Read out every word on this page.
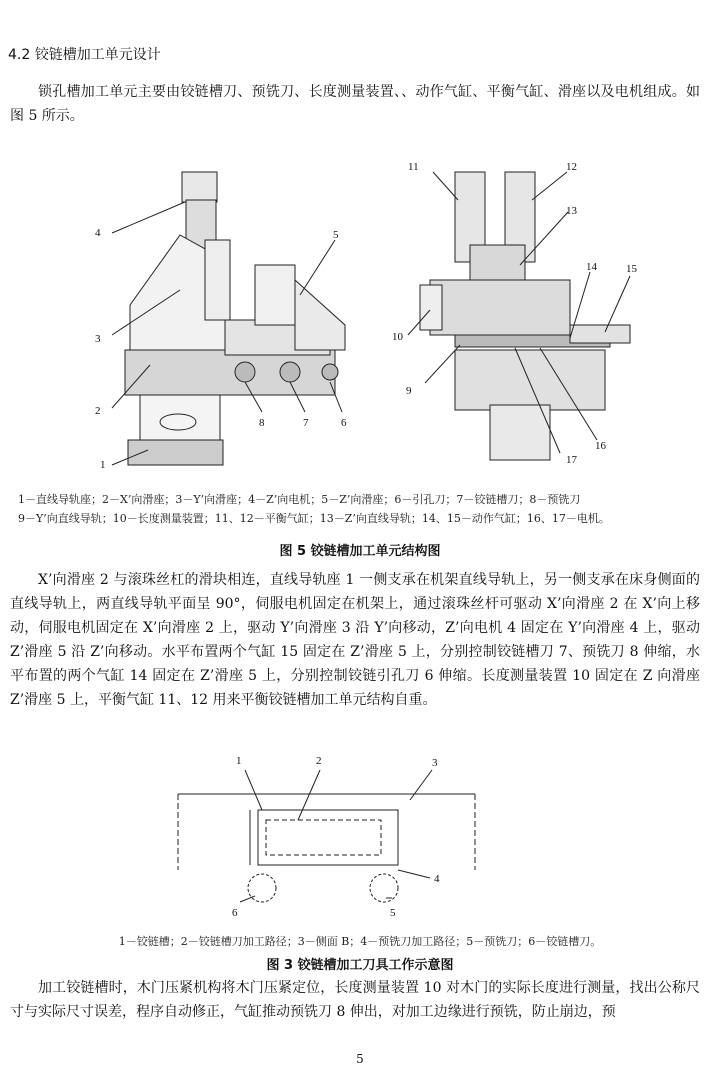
4.2 铰链槽加工单元设计
锁孔槽加工单元主要由铰链槽刀、预铣刀、长度测量装置、、动作气缸、平衡气缸、滑座以及电机组成。如图 5 所示。
4
3
2
1
5
6
7
8
9
10
11	12
13
14	15
16
17
1－直线导轨座；2－X’向滑座；3－Y’向滑座；4－Z’向电机；5－Z’向滑座；6－引孔刀；7－铰链槽刀；8－预铣刀
9－Y’向直线导轨；10－长度测量装置；11、12－平衡气缸；13－Z’向直线导轨；14、15－动作气缸；16、17－电机。
图 5 铰链槽加工单元结构图
X’向滑座 2 与滚珠丝杠的滑块相连，直线导轨座 1 一侧支承在机架直线导轨上，另一侧支承在床身侧面的直线导轨上，两直线导轨平面呈 90°，伺服电机固定在机架上，通过滚珠丝杆可驱动 X’向滑座 2 在 X’向上移动，伺服电机固定在 X’向滑座 2 上，驱动 Y’向滑座 3 沿 Y’向移动，Z’向电机 4 固定在 Y’向滑座 4 上，驱动 Z’滑座 5 沿 Z’向移动。水平布置两个气缸 15 固定在 Z’滑座 5 上，分别控制铰链槽刀 7、预铣刀 8 伸缩，水平布置的两个气缸 14 固定在 Z’滑座 5 上，分别控制铰链引孔刀 6 伸缩。长度测量装置 10 固定在 Z 向滑座 Z’滑座 5 上，平衡气缸 11、12 用来平衡铰链槽加工单元结构自重。
1	2	3
4
5
6
1－铰链槽；2－铰链槽刀加工路径；3－侧面 B；4－预铣刀加工路径；5－预铣刀；6－铰链槽刀。
图 3 铰链槽加工刀具工作示意图
加工铰链槽时，木门压紧机构将木门压紧定位，长度测量装置 10 对木门的实际长度进行测量，找出公称尺寸与实际尺寸误差，程序自动修正，气缸推动预铣刀 8 伸出，对加工边缘进行预铣，防止崩边，预
5
